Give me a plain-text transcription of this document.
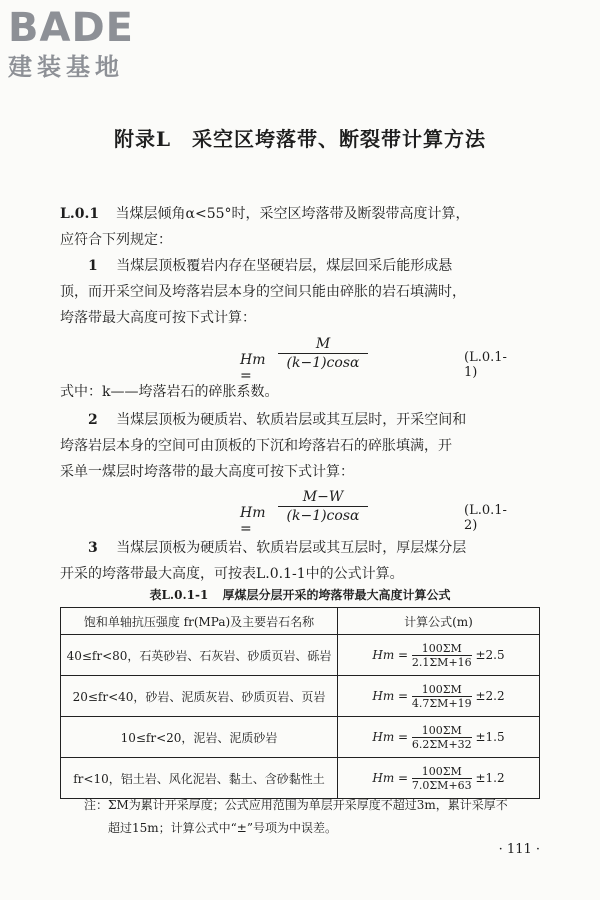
BADE
建装基地
附录L　采空区垮落带、断裂带计算方法
L.0.1 当煤层倾角α<55°时，采空区垮落带及断裂带高度计算，
应符合下列规定：
1 当煤层顶板覆岩内存在坚硬岩层，煤层回采后能形成悬
顶，而开采空间及垮落岩层本身的空间只能由碎胀的岩石填满时，
垮落带最大高度可按下式计算：
Hm =
$\frac{M}{(k-1)\cos\alpha}$	(L.0.1-1)
式中：k——垮落岩石的碎胀系数。
2 当煤层顶板为硬质岩、软质岩层或其互层时，开采空间和
垮落岩层本身的空间可由顶板的下沉和垮落岩石的碎胀填满，开
采单一煤层时垮落带的最大高度可按下式计算：
Hm =
$\frac{M-W}{(k-1)\cos\alpha}$	(L.0.1-2)
3 当煤层顶板为硬质岩、软质岩层或其互层时，厚层煤分层
开采的垮落带最大高度，可按表L.0.1-1中的公式计算。
表L.0.1-1 厚煤层分层开采的垮落带最大高度计算公式
饱和单轴抗压强度 fr(MPa)及主要岩石名称	计算公式(m)
40≤fr<80，石英砂岩、石灰岩、砂质页岩、砾岩	$Hm = \frac{100\Sigma M}{2.1\Sigma M+16} \pm 2.5$
20≤fr<40，砂岩、泥质灰岩、砂质页岩、页岩	$Hm = \frac{100\Sigma M}{4.7\Sigma M+19} \pm 2.2$
10≤fr<20，泥岩、泥质砂岩	$Hm = \frac{100\Sigma M}{6.2\Sigma M+32} \pm 1.5$
fr<10，铝土岩、风化泥岩、黏土、含砂黏性土	$Hm = \frac{100\Sigma M}{7.0\Sigma M+63} \pm 1.2$
注：ΣM为累计开采厚度；公式应用范围为单层开采厚度不超过3m，累计采厚不
超过15m；计算公式中“±”号项为中误差。
· 111 ·
